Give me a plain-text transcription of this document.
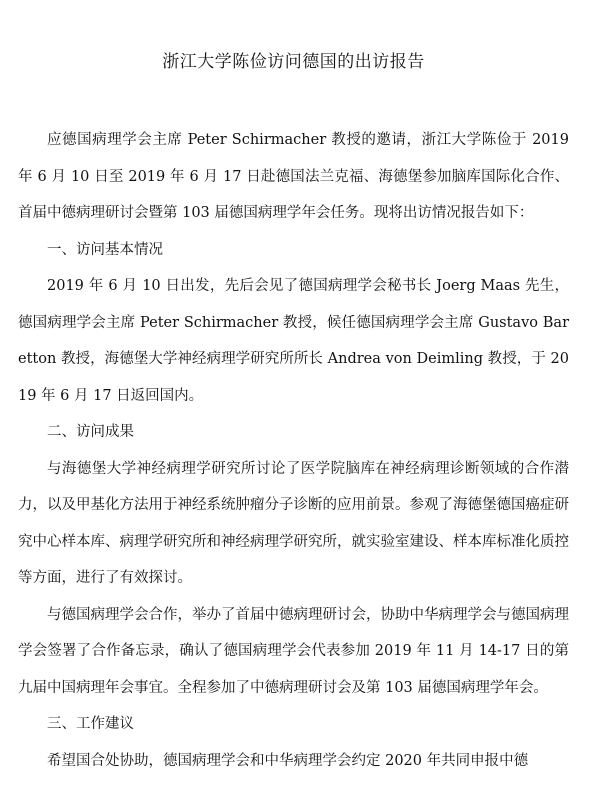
浙江大学陈俭访问德国的出访报告

应德国病理学会主席 Peter Schirmacher 教授的邀请，浙江大学陈俭于 2019 年 6 月 10 日至 2019 年 6 月 17 日赴德国法兰克福、海德堡参加脑库国际化合作、首届中德病理研讨会暨第 103 届德国病理学年会任务。现将出访情况报告如下：

一、访问基本情况

2019 年 6 月 10 日出发，先后会见了德国病理学会秘书长 Joerg Maas 先生，德国病理学会主席 Peter Schirmacher 教授，候任德国病理学会主席 Gustavo Baretton 教授，海德堡大学神经病理学研究所所长 Andrea von Deimling 教授，于 2019 年 6 月 17 日返回国内。

二、访问成果

与海德堡大学神经病理学研究所讨论了医学院脑库在神经病理诊断领域的合作潜力，以及甲基化方法用于神经系统肿瘤分子诊断的应用前景。参观了海德堡德国癌症研究中心样本库、病理学研究所和神经病理学研究所，就实验室建设、样本库标准化质控等方面，进行了有效探讨。

与德国病理学会合作，举办了首届中德病理研讨会，协助中华病理学会与德国病理学会签署了合作备忘录，确认了德国病理学会代表参加 2019 年 11 月 14-17 日的第九届中国病理年会事宜。全程参加了中德病理研讨会及第 103 届德国病理学年会。

三、工作建议

希望国合处协助，德国病理学会和中华病理学会约定 2020 年共同申报中德
